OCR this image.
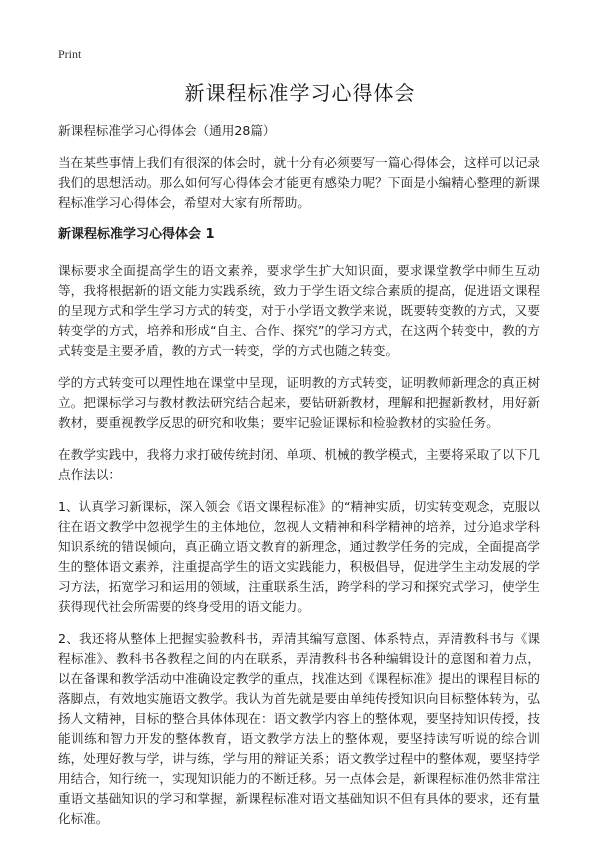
Print
新课程标准学习心得体会

新课程标准学习心得体会（通用28篇）

当在某些事情上我们有很深的体会时，就十分有必须要写一篇心得体会，这样可以记录我们的思想活动。那么如何写心得体会才能更有感染力呢？下面是小编精心整理的新课程标准学习心得体会，希望对大家有所帮助。

新课程标准学习心得体会 1

课标要求全面提高学生的语文素养，要求学生扩大知识面，要求课堂教学中师生互动等，我将根据新的语文能力实践系统，致力于学生语文综合素质的提高，促进语文课程的呈现方式和学生学习方式的转变，对于小学语文教学来说，既要转变教的方式，又要转变学的方式，培养和形成“自主、合作、探究”的学习方式，在这两个转变中，教的方式转变是主要矛盾，教的方式一转变，学的方式也随之转变。

学的方式转变可以理性地在课堂中呈现，证明教的方式转变，证明教师新理念的真正树立。把课标学习与教材教法研究结合起来，要钻研新教材，理解和把握新教材，用好新教材，要重视教学反思的研究和收集；要牢记验证课标和检验教材的实验任务。

在教学实践中，我将力求打破传统封闭、单项、机械的教学模式，主要将采取了以下几点作法以：

1、认真学习新课标，深入领会《语文课程标准》的“精神实质，切实转变观念，克服以往在语文教学中忽视学生的主体地位，忽视人文精神和科学精神的培养，过分追求学科知识系统的错误倾向，真正确立语文教育的新理念，通过教学任务的完成，全面提高学生的整体语文素养，注重提高学生的语文实践能力，积极倡导，促进学生主动发展的学习方法，拓宽学习和运用的领域，注重联系生活，跨学科的学习和探究式学习，使学生获得现代社会所需要的终身受用的语文能力。

2、我还将从整体上把握实验教科书，弄清其编写意图、体系特点，弄清教科书与《课程标准》、教科书各教程之间的内在联系，弄清教科书各种编辑设计的意图和着力点，以在备课和教学活动中准确设定教学的重点，找准达到《课程标准》提出的课程目标的落脚点，有效地实施语文教学。我认为首先就是要由单纯传授知识向目标整体转为，弘扬人文精神，目标的整合具体体现在：语文教学内容上的整体观，要坚持知识传授，技能训练和智力开发的整体教育，语文教学方法上的整体观，要坚持读写听说的综合训练，处理好教与学，讲与练，学与用的辩证关系；语文教学过程中的整体观，要坚持学用结合，知行统一，实现知识能力的不断迁移。另一点体会是，新课程标准仍然非常注重语文基础知识的学习和掌握，新课程标准对语文基础知识不但有具体的要求，还有量化标准。
